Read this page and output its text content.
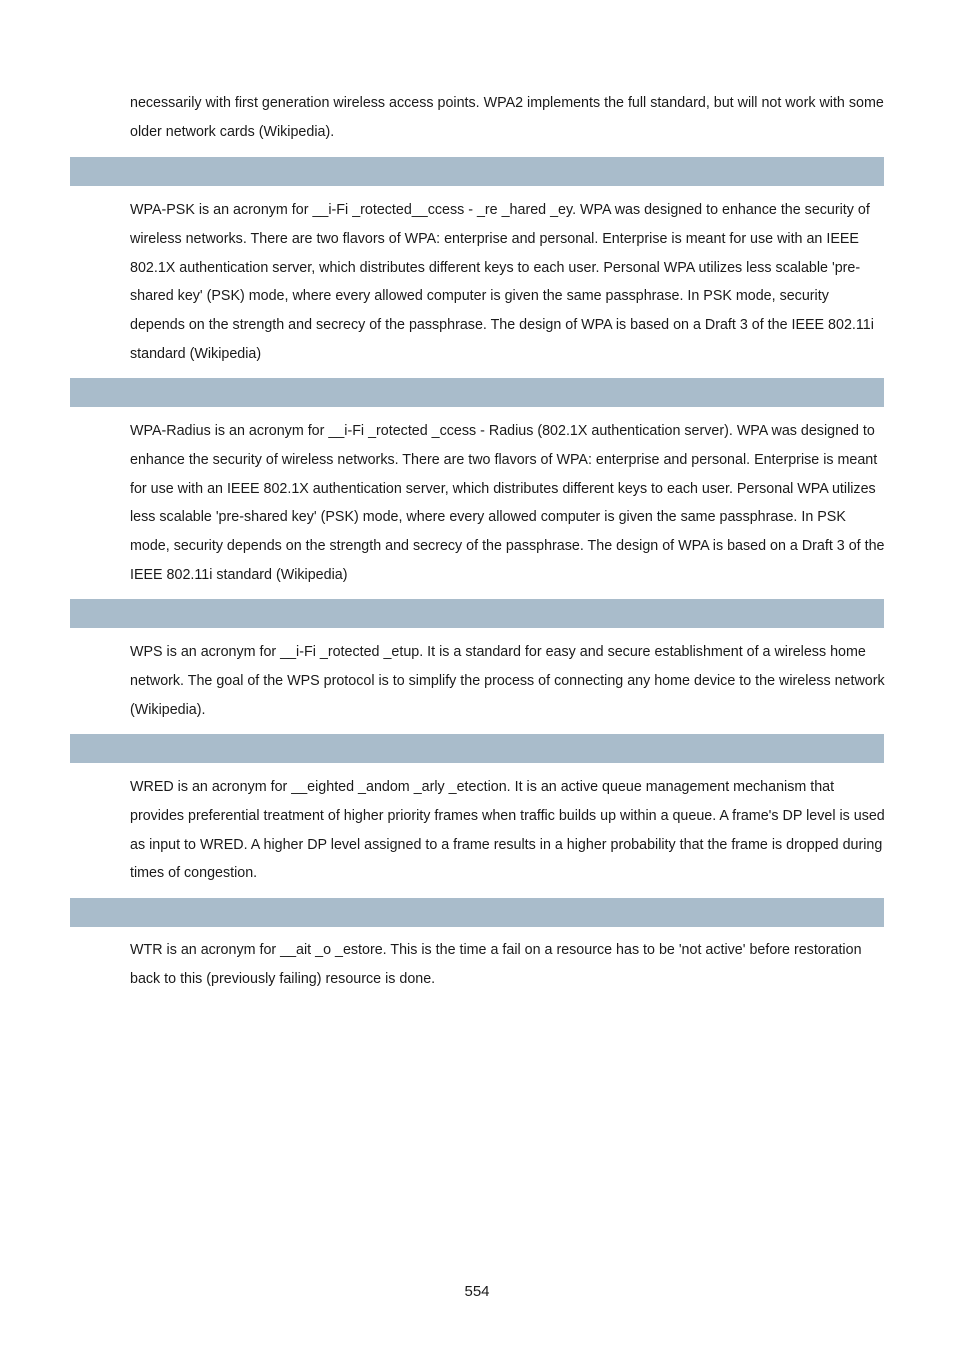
necessarily with first generation wireless access points. WPA2 implements the full standard, but will not work with some older network cards (Wikipedia).

WPA-PSK is an acronym for __i-Fi _rotected__ccess - _re _hared _ey. WPA was designed to enhance the security of wireless networks. There are two flavors of WPA: enterprise and personal. Enterprise is meant for use with an IEEE 802.1X authentication server, which distributes different keys to each user. Personal WPA utilizes less scalable 'pre-shared key' (PSK) mode, where every allowed computer is given the same passphrase. In PSK mode, security depends on the strength and secrecy of the passphrase. The design of WPA is based on a Draft 3 of the IEEE 802.11i standard (Wikipedia)

WPA-Radius is an acronym for __i-Fi _rotected _ccess - Radius (802.1X authentication server). WPA was designed to enhance the security of wireless networks. There are two flavors of WPA: enterprise and personal. Enterprise is meant for use with an IEEE 802.1X authentication server, which distributes different keys to each user. Personal WPA utilizes less scalable 'pre-shared key' (PSK) mode, where every allowed computer is given the same passphrase. In PSK mode, security depends on the strength and secrecy of the passphrase. The design of WPA is based on a Draft 3 of the IEEE 802.11i standard (Wikipedia)

WPS is an acronym for __i-Fi _rotected _etup. It is a standard for easy and secure establishment of a wireless home network. The goal of the WPS protocol is to simplify the process of connecting any home device to the wireless network (Wikipedia).

WRED is an acronym for __eighted _andom _arly _etection. It is an active queue management mechanism that provides preferential treatment of higher priority frames when traffic builds up within a queue. A frame's DP level is used as input to WRED. A higher DP level assigned to a frame results in a higher probability that the frame is dropped during times of congestion.

WTR is an acronym for __ait _o _estore. This is the time a fail on a resource has to be 'not active' before restoration back to this (previously failing) resource is done.

554
